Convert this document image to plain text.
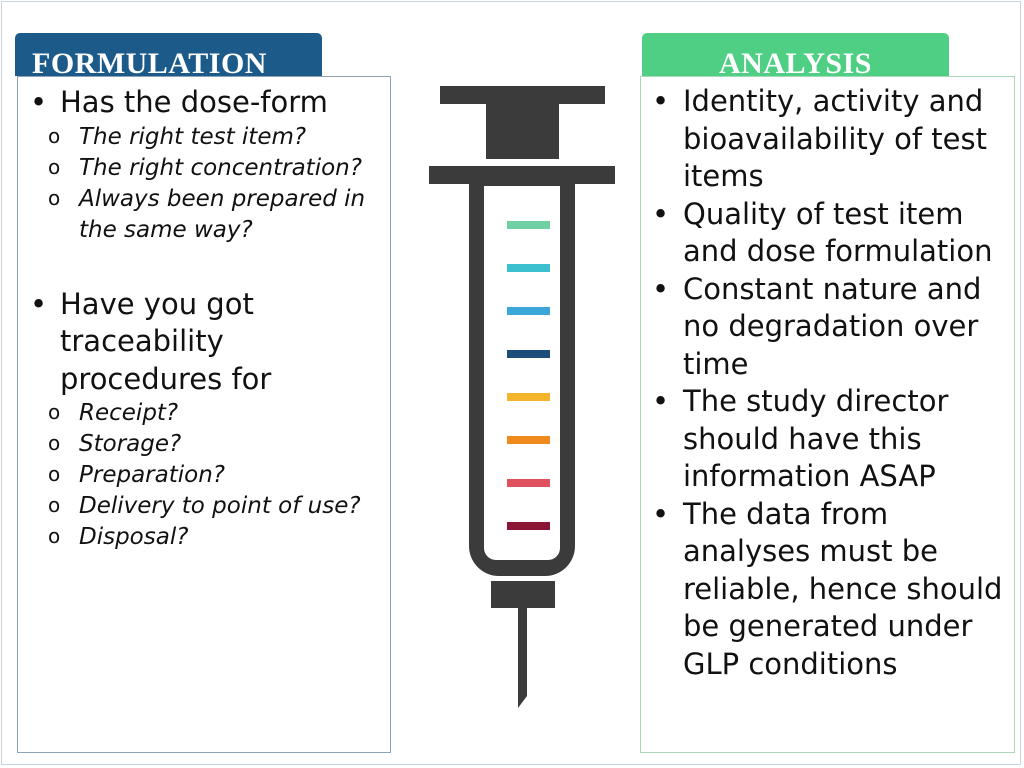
FORMULATION	ANALYSIS
• Has the dose-form
o The right test item?
o The right concentration?
o Always been prepared in the same way?
• Have you got traceability procedures for
o Receipt?
o Storage?
o Preparation?
o Delivery to point of use?
o Disposal?
• Identity, activity and bioavailability of test items
• Quality of test item and dose formulation
• Constant nature and no degradation over time
• The study director should have this information ASAP
• The data from analyses must be reliable, hence should be generated under GLP conditions
